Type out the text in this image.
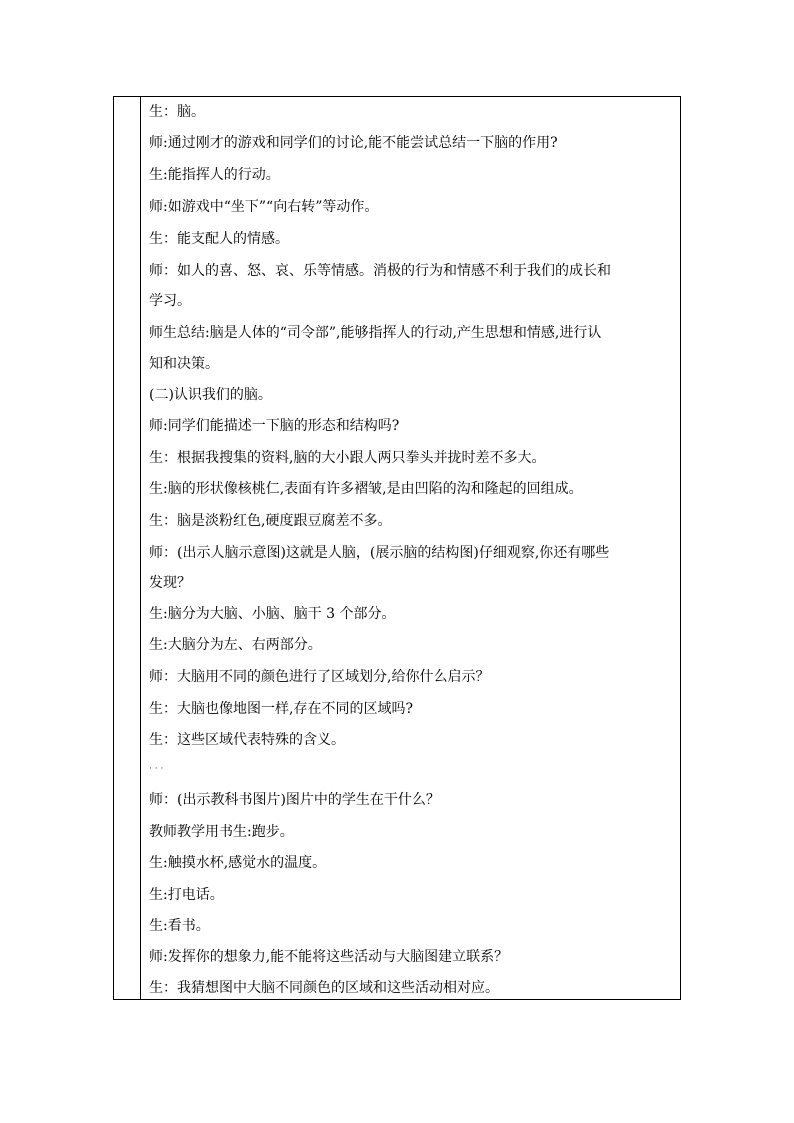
生：脑。
师:通过刚才的游戏和同学们的讨论,能不能尝试总结一下脑的作用?
生:能指挥人的行动。
师:如游戏中“坐下”“向右转”等动作。
生：能支配人的情感。
师：如人的喜、怒、哀、乐等情感。消极的行为和情感不利于我们的成长和
学习。
师生总结:脑是人体的“司令部”,能够指挥人的行动,产生思想和情感,进行认
知和决策。
(二)认识我们的脑。
师:同学们能描述一下脑的形态和结构吗?
生：根据我搜集的资料,脑的大小跟人两只拳头并拢时差不多大。
生:脑的形状像核桃仁,表面有许多褶皱,是由凹陷的沟和隆起的回组成。
生：脑是淡粉红色,硬度跟豆腐差不多。
师：(出示人脑示意图)这就是人脑，(展示脑的结构图)仔细观察,你还有哪些
发现？
生:脑分为大脑、小脑、脑干 3 个部分。
生:大脑分为左、右两部分。
师：大脑用不同的颜色进行了区域划分,给你什么启示？
生：大脑也像地图一样,存在不同的区域吗?
生：这些区域代表特殊的含义。
· · ·
师：(出示教科书图片)图片中的学生在干什么？
教师教学用书生:跑步。
生:触摸水杯,感觉水的温度。
生:打电话。
生:看书。
师:发挥你的想象力,能不能将这些活动与大脑图建立联系？
生：我猜想图中大脑不同颜色的区域和这些活动相对应。
